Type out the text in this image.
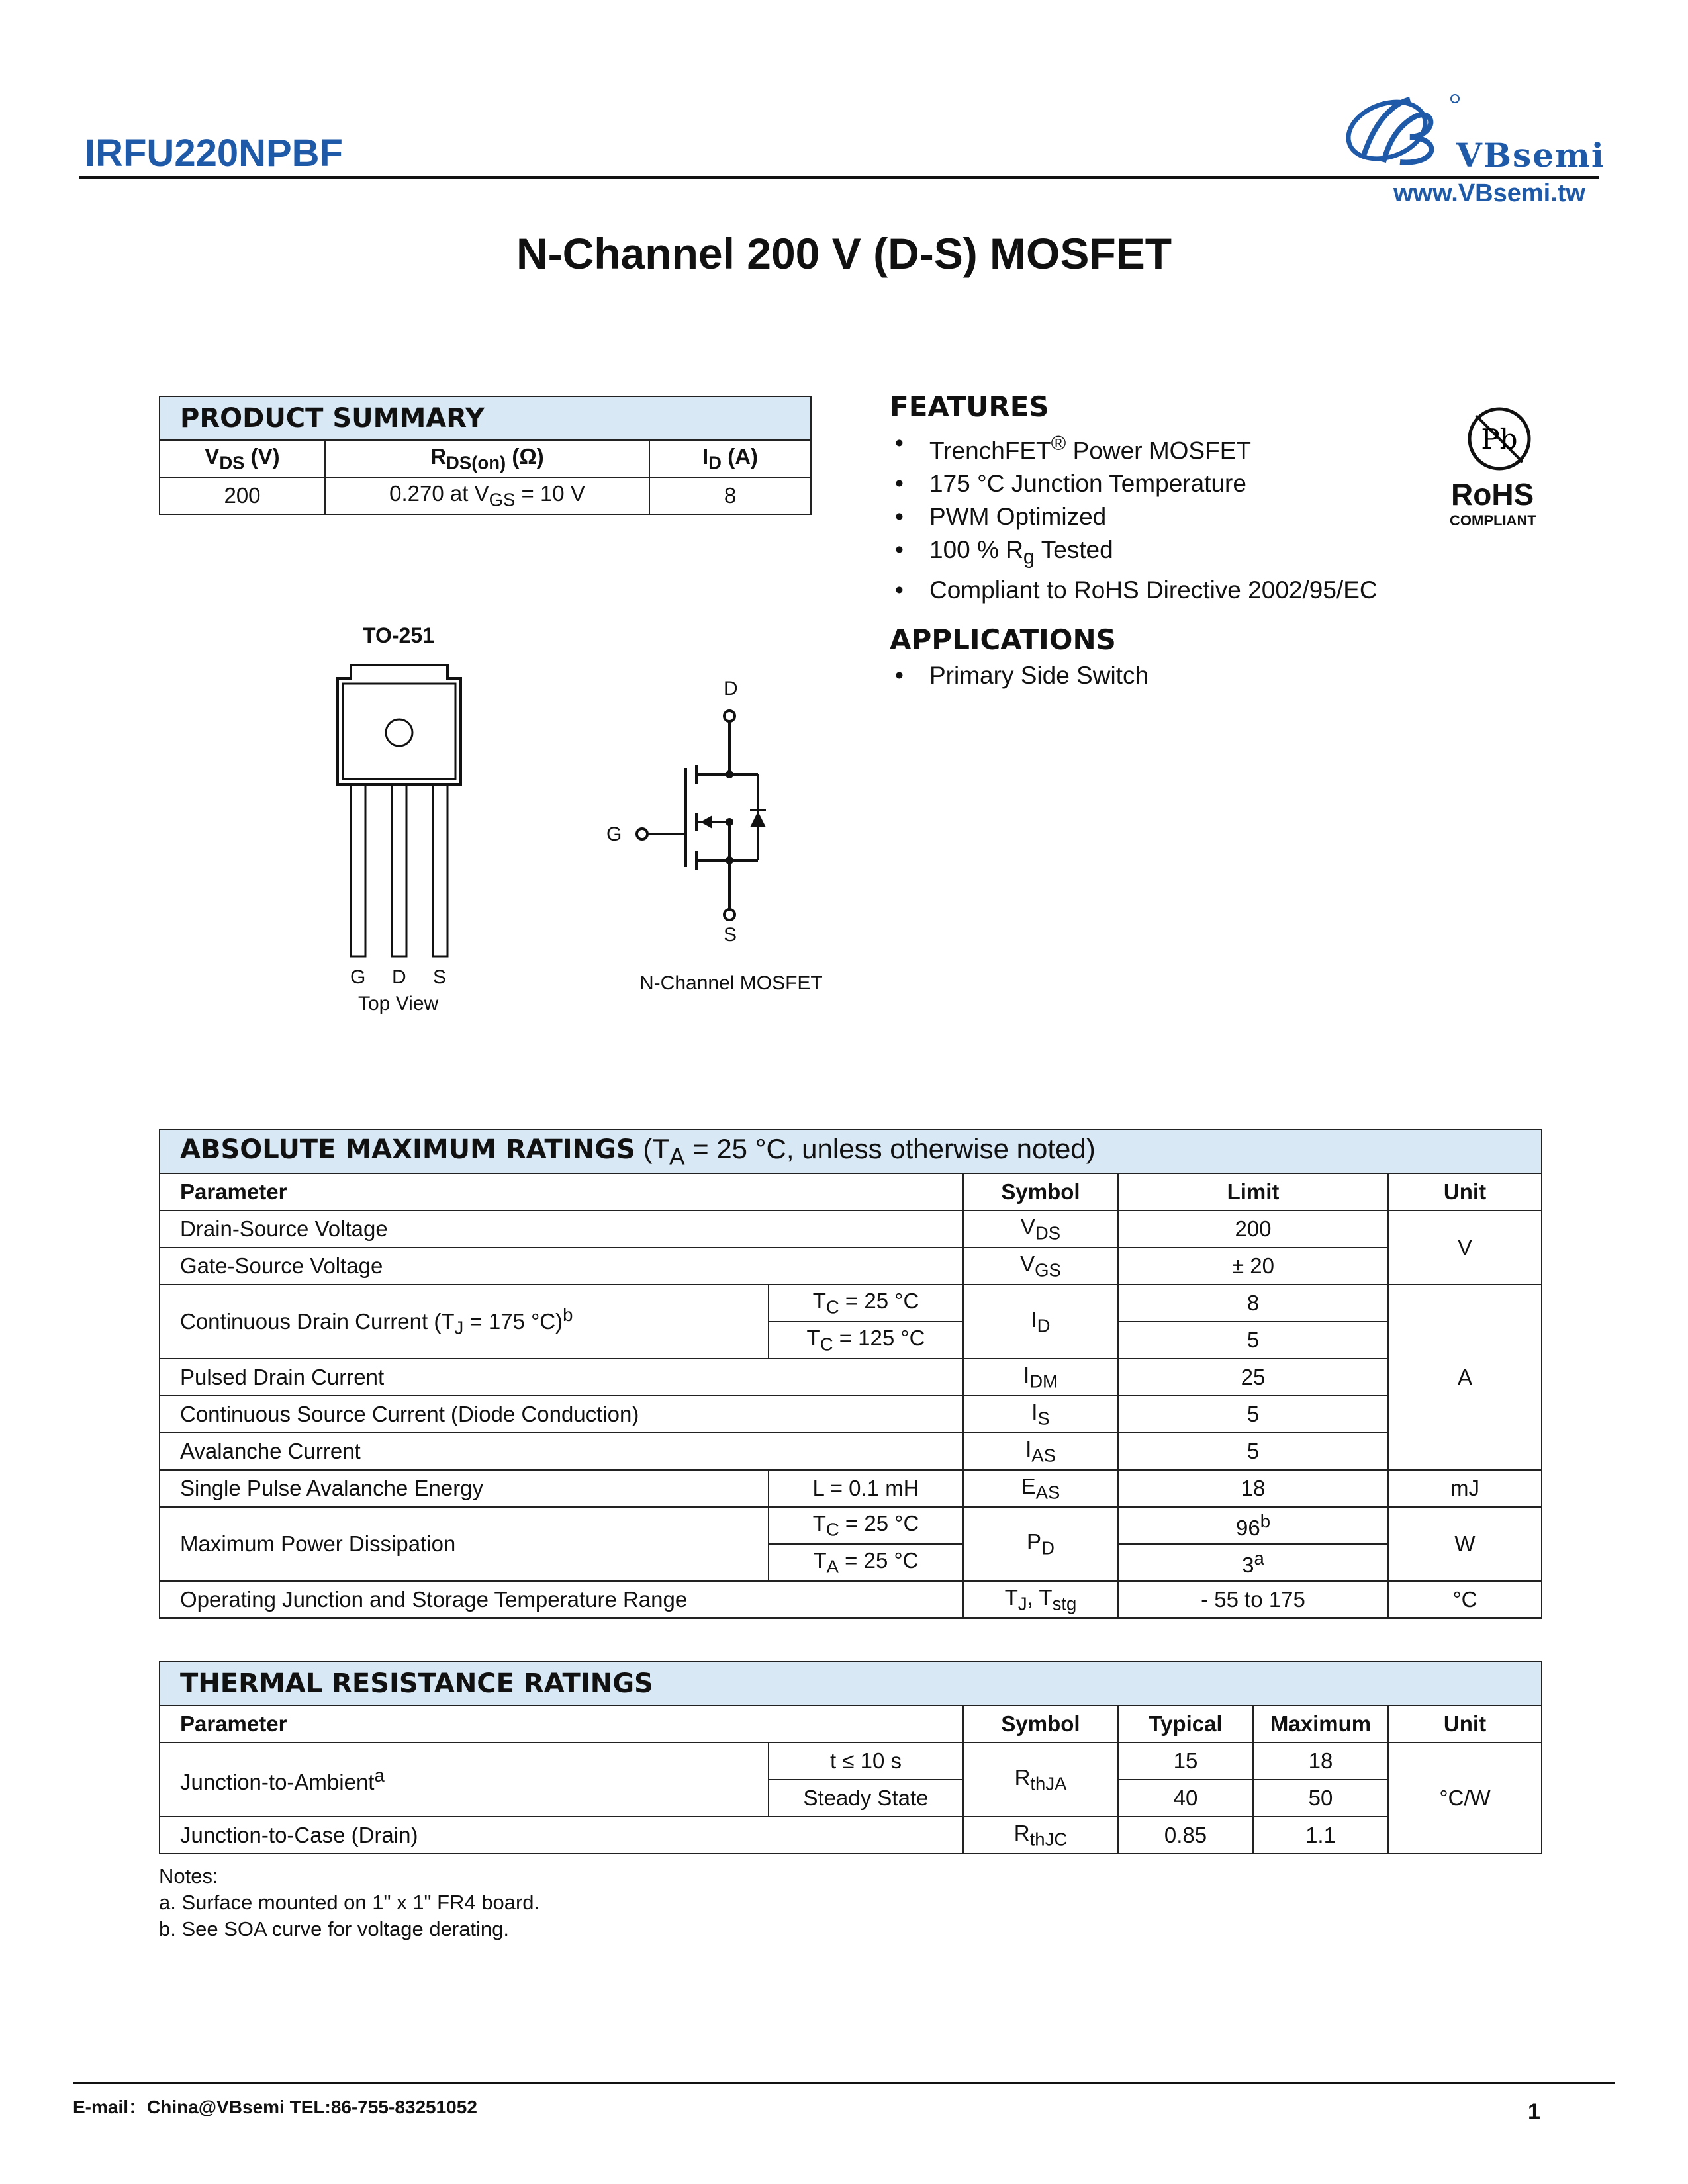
IRFU220NPBF	VBsemi
www.VBsemi.tw
N-Channel 200 V (D-S) MOSFET
PRODUCT SUMMARY		
$V_{DS}$ (V)	$R_{DS(on)}$ (Ω)	$I_D$ (A)
200	0.270 at $V_{GS} = 10$ V	8
FEATURES
• TrenchFET® Power MOSFET
• 175 °C Junction Temperature
• PWM Optimized
• 100 % $R_g$ Tested
• Compliant to RoHS Directive 2002/95/EC
Pb
RoHS
COMPLIANT
APPLICATIONS
• Primary Side Switch
TO-251
G D S
Top View
D
G
S
N-Channel MOSFET
ABSOLUTE MAXIMUM RATINGS ($T_A = 25$ °C, unless otherwise noted)				
Parameter		Symbol	Limit	Unit
Drain-Source Voltage		$V_{DS}$	200	V
Gate-Source Voltage		$V_{GS}$	± 20	
Continuous Drain Current ($T_J = 175$ °C)$^b$	$T_C = 25$ °C	$I_D$	8	A
	$T_C = 125$ °C		5	
Pulsed Drain Current		$I_{DM}$	25	
Continuous Source Current (Diode Conduction)		$I_S$	5	
Avalanche Current		$I_{AS}$	5	
Single Pulse Avalanche Energy	L = 0.1 mH	$E_{AS}$	18	mJ
Maximum Power Dissipation	$T_C = 25$ °C	$P_D$	96$^b$	W
	$T_A = 25$ °C		3$^a$
Operating Junction and Storage Temperature Range		$T_J$, $T_{stg}$	- 55 to 175	°C
THERMAL RESISTANCE RATINGS					
Parameter		Symbol	Typical	Maximum	Unit
Junction-to-Ambient$^a$	t ≤ 10 s	$R_{thJA}$	15	18	°C/W
	Steady State		40	50	
Junction-to-Case (Drain)		$R_{thJC}$	0.85	1.1	
Notes:
a. Surface mounted on 1" x 1" FR4 board.
b. See SOA curve for voltage derating.
E-mail：China@VBsemi TEL:86-755-83251052	1
